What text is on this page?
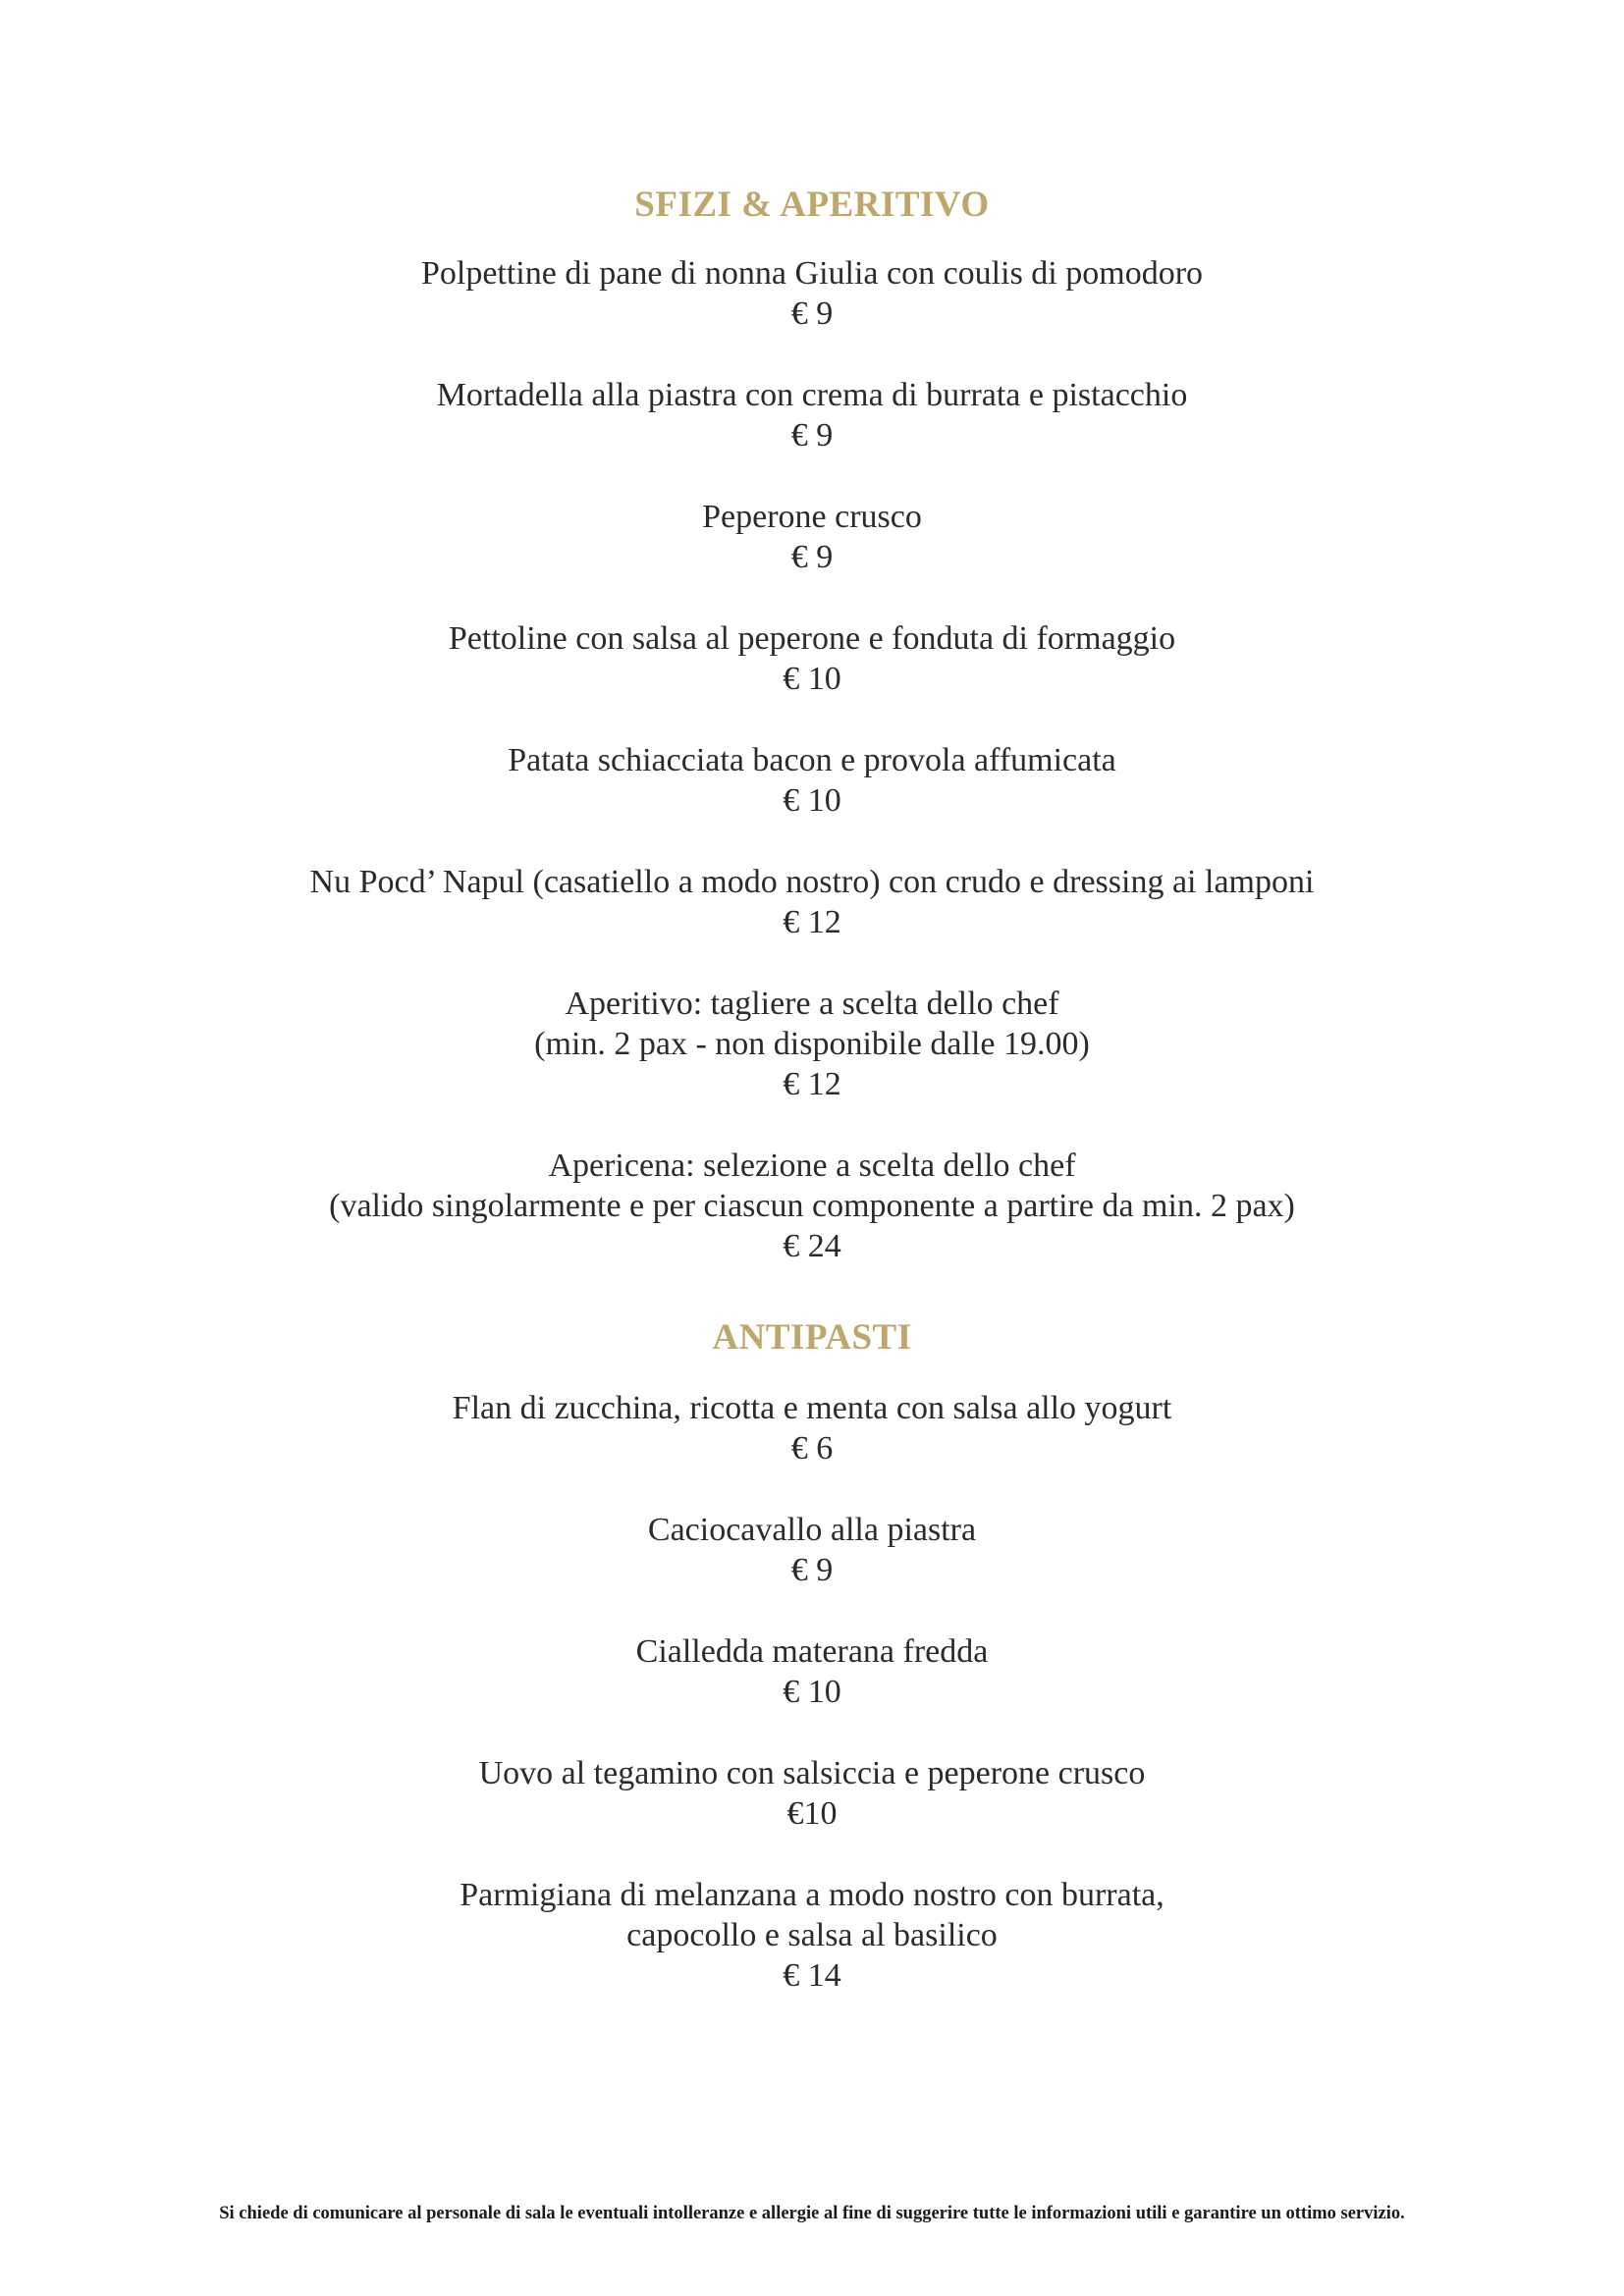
SFIZI & APERITIVO
Polpettine di pane di nonna Giulia con coulis di pomodoro
€ 9
Mortadella alla piastra con crema di burrata e pistacchio
€ 9
Peperone crusco
€ 9
Pettoline con salsa al peperone e fonduta di formaggio
€ 10
Patata schiacciata bacon e provola affumicata
€ 10
Nu Pocd’ Napul (casatiello a modo nostro) con crudo e dressing ai lamponi
€ 12
Aperitivo: tagliere a scelta dello chef
(min. 2 pax - non disponibile dalle 19.00)
€ 12
Apericena: selezione a scelta dello chef
(valido singolarmente e per ciascun componente a partire da min. 2 pax)
€ 24
ANTIPASTI
Flan di zucchina, ricotta e menta con salsa allo yogurt
€ 6
Caciocavallo alla piastra
€ 9
Cialledda materana fredda
€ 10
Uovo al tegamino con salsiccia e peperone crusco
€10
Parmigiana di melanzana a modo nostro con burrata,
capocollo e salsa al basilico
€ 14

Si chiede di comunicare al personale di sala le eventuali intolleranze e allergie al fine di suggerire tutte le informazioni utili e garantire un ottimo servizio.
